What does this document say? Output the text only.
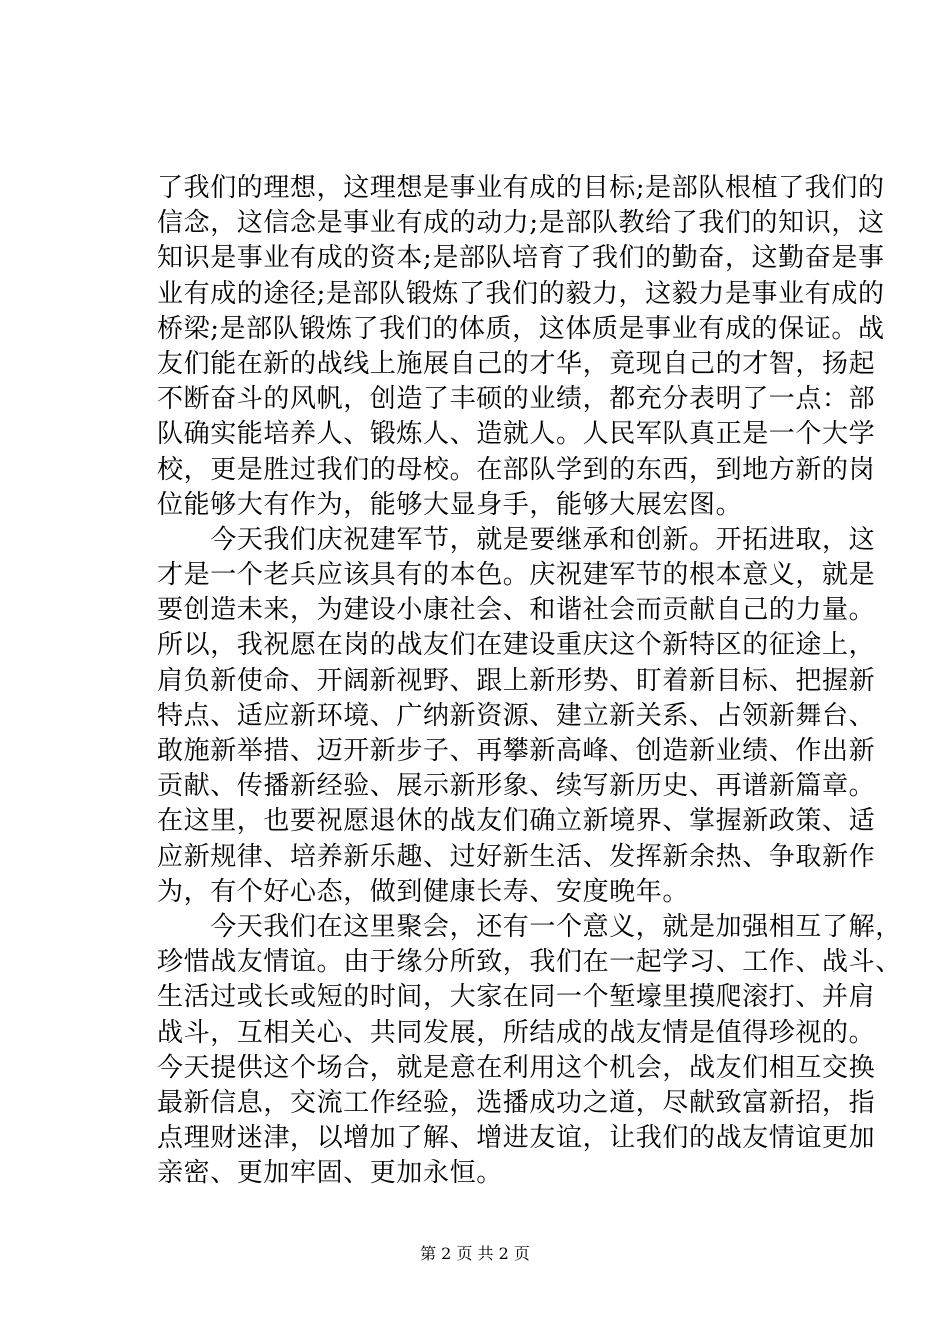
了我们的理想，这理想是事业有成的目标;是部队根植了我们的
信念，这信念是事业有成的动力;是部队教给了我们的知识，这
知识是事业有成的资本;是部队培育了我们的勤奋，这勤奋是事
业有成的途径;是部队锻炼了我们的毅力，这毅力是事业有成的
桥梁;是部队锻炼了我们的体质，这体质是事业有成的保证。战
友们能在新的战线上施展自己的才华，竟现自己的才智，扬起
不断奋斗的风帆，创造了丰硕的业绩，都充分表明了一点：部
队确实能培养人、锻炼人、造就人。人民军队真正是一个大学
校，更是胜过我们的母校。在部队学到的东西，到地方新的岗
位能够大有作为，能够大显身手，能够大展宏图。
　　今天我们庆祝建军节，就是要继承和创新。开拓进取，这
才是一个老兵应该具有的本色。庆祝建军节的根本意义，就是
要创造未来，为建设小康社会、和谐社会而贡献自己的力量。
所以，我祝愿在岗的战友们在建设重庆这个新特区的征途上，
肩负新使命、开阔新视野、跟上新形势、盯着新目标、把握新
特点、适应新环境、广纳新资源、建立新关系、占领新舞台、
敢施新举措、迈开新步子、再攀新高峰、创造新业绩、作出新
贡献、传播新经验、展示新形象、续写新历史、再谱新篇章。
在这里，也要祝愿退休的战友们确立新境界、掌握新政策、适
应新规律、培养新乐趣、过好新生活、发挥新余热、争取新作
为，有个好心态，做到健康长寿、安度晚年。
　　今天我们在这里聚会，还有一个意义，就是加强相互了解，
珍惜战友情谊。由于缘分所致，我们在一起学习、工作、战斗、
生活过或长或短的时间，大家在同一个堑壕里摸爬滚打、并肩
战斗，互相关心、共同发展，所结成的战友情是值得珍视的。
今天提供这个场合，就是意在利用这个机会，战友们相互交换
最新信息，交流工作经验，选播成功之道，尽献致富新招，指
点理财迷津，以增加了解、增进友谊，让我们的战友情谊更加
亲密、更加牢固、更加永恒。
第 2 页 共 2 页
